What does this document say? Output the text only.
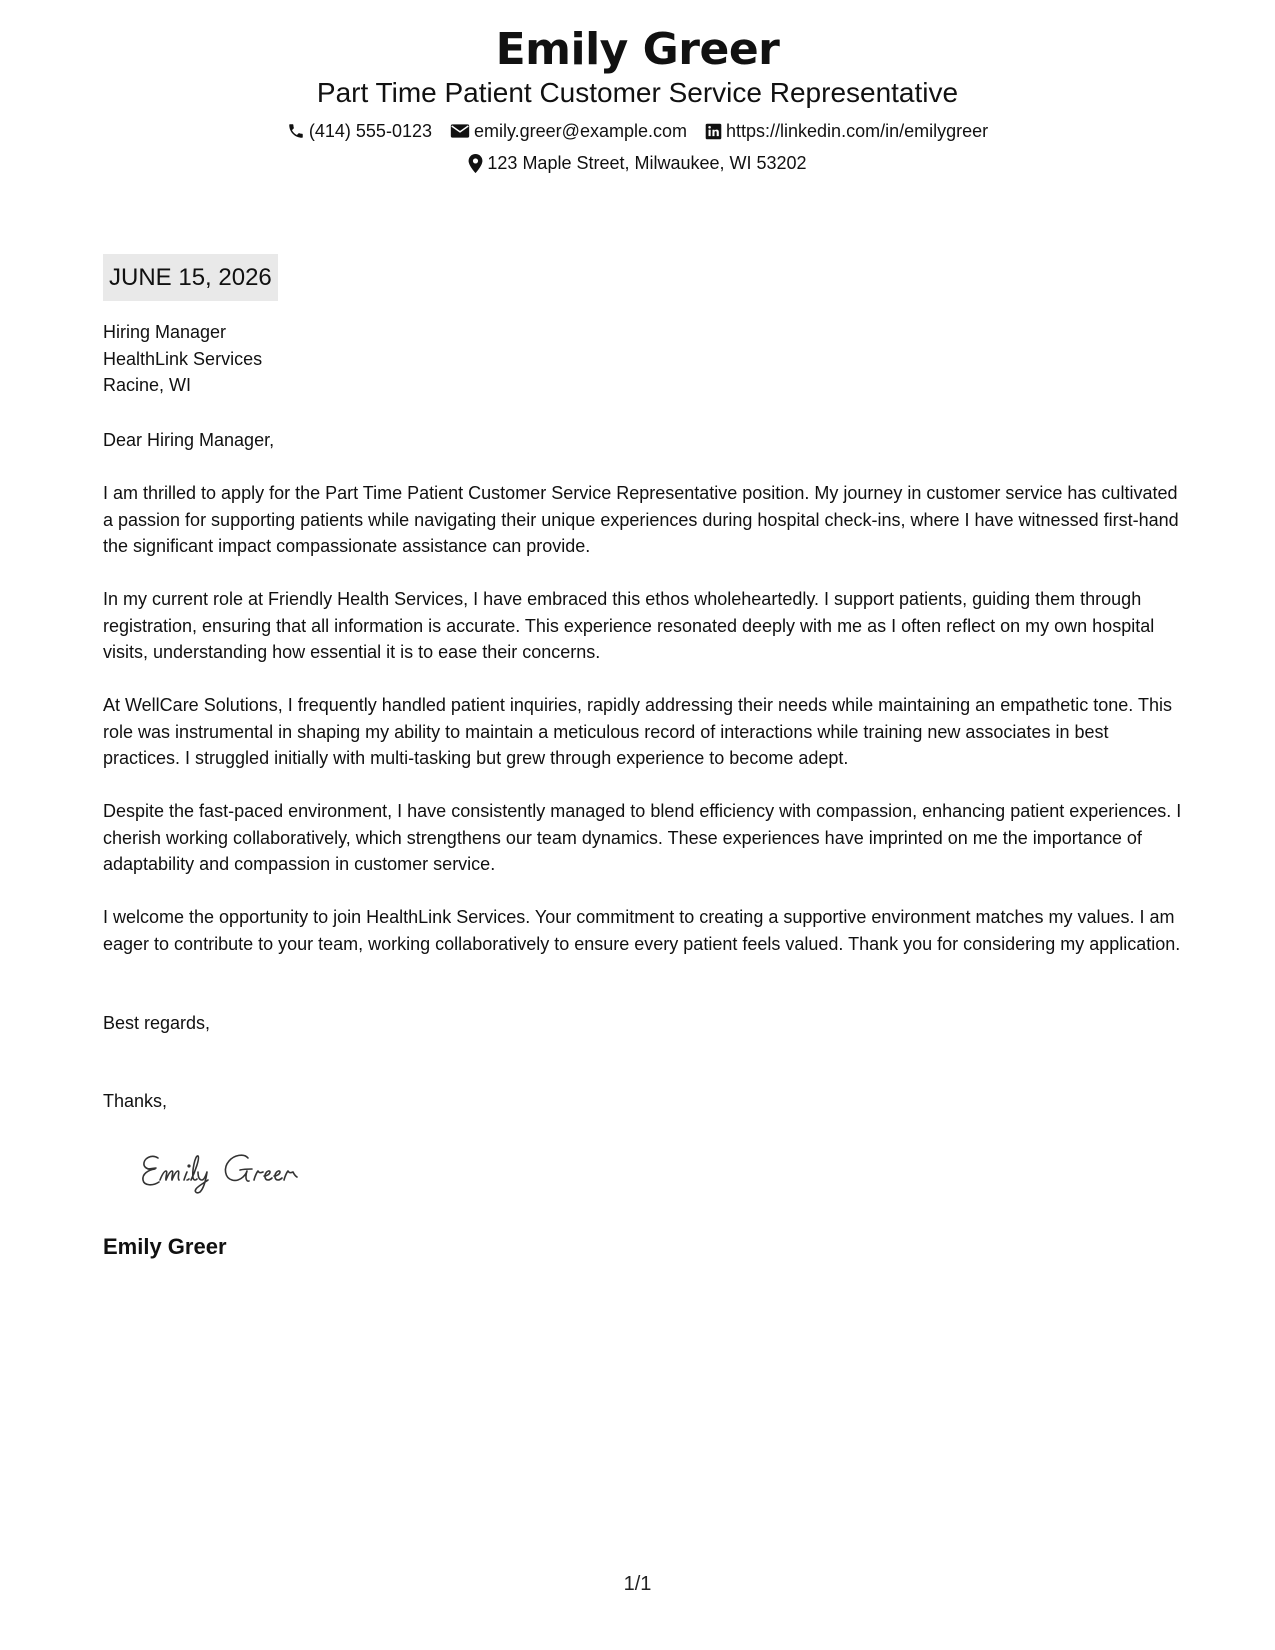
Emily Greer
Part Time Patient Customer Service Representative
(414) 555-0123 emily.greer@example.com https://linkedin.com/in/emilygreer
123 Maple Street, Milwaukee, WI 53202
JUNE 15, 2026
Hiring Manager
HealthLink Services
Racine, WI
Dear Hiring Manager,

I am thrilled to apply for the Part Time Patient Customer Service Representative position. My journey in customer service has cultivated a passion for supporting patients while navigating their unique experiences during hospital check-ins, where I have witnessed first-hand the significant impact compassionate assistance can provide.

In my current role at Friendly Health Services, I have embraced this ethos wholeheartedly. I support patients, guiding them through registration, ensuring that all information is accurate. This experience resonated deeply with me as I often reflect on my own hospital visits, understanding how essential it is to ease their concerns.

At WellCare Solutions, I frequently handled patient inquiries, rapidly addressing their needs while maintaining an empathetic tone. This role was instrumental in shaping my ability to maintain a meticulous record of interactions while training new associates in best practices. I struggled initially with multi-tasking but grew through experience to become adept.

Despite the fast-paced environment, I have consistently managed to blend efficiency with compassion, enhancing patient experiences. I cherish working collaboratively, which strengthens our team dynamics. These experiences have imprinted on me the importance of adaptability and compassion in customer service.

I welcome the opportunity to join HealthLink Services. Your commitment to creating a supportive environment matches my values. I am eager to contribute to your team, working collaboratively to ensure every patient feels valued. Thank you for considering my application.

Best regards,
Thanks,
Emily Greer
1/1
